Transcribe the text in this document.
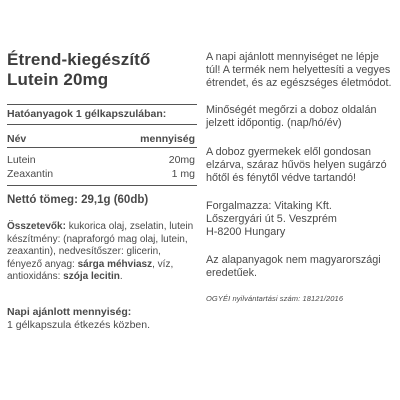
Étrend-kiegészítő
Lutein 20mg
Hatóanyagok 1 gélkapszulában:
Név	mennyiség
Lutein	20mg
Zeaxantin	1 mg
Nettó tömeg: 29,1g (60db)
Összetevők: kukorica olaj, zselatin, lutein készítmény: (napraforgó mag olaj, lutein, zeaxantin), nedvesítőszer: glicerin, fényező anyag: sárga méhviasz, víz, antioxidáns: szója lecitin.
Napi ajánlott mennyiség:
1 gélkapszula étkezés közben.

A napi ajánlott mennyiséget ne lépje túl! A termék nem helyettesíti a vegyes étrendet, és az egészséges életmódot.

Minőségét megőrzi a doboz oldalán jelzett időpontig. (nap/hó/év)

A doboz gyermekek elől gondosan elzárva, száraz hűvös helyen sugárzó hőtől és fénytől védve tartandó!

Forgalmazza: Vitaking Kft.
Lőszergyári út 5. Veszprém
H-8200 Hungary

Az alapanyagok nem magyarországi eredetűek.

OGYÉI nyilvántartási szám: 18121/2016
